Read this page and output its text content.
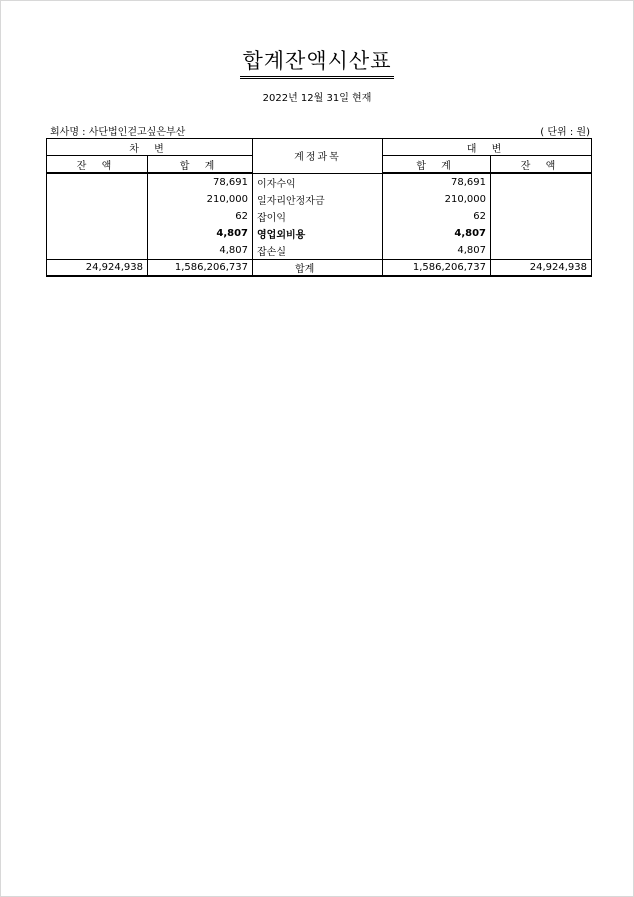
합계잔액시산표
2022년 12월 31일 현재
회사명 : 사단법인걷고싶은부산	( 단위 : 원)
차 변		계정과목	대 변	
잔 액	합 계		합 계	잔 액
	78,691	이자수익	78,691	
	210,000	일자리안정자금	210,000	
	62	잡이익	62	
	4,807	영업외비용	4,807	
	4,807	잡손실	4,807	
24,924,938	1,586,206,737	합계	1,586,206,737	24,924,938
